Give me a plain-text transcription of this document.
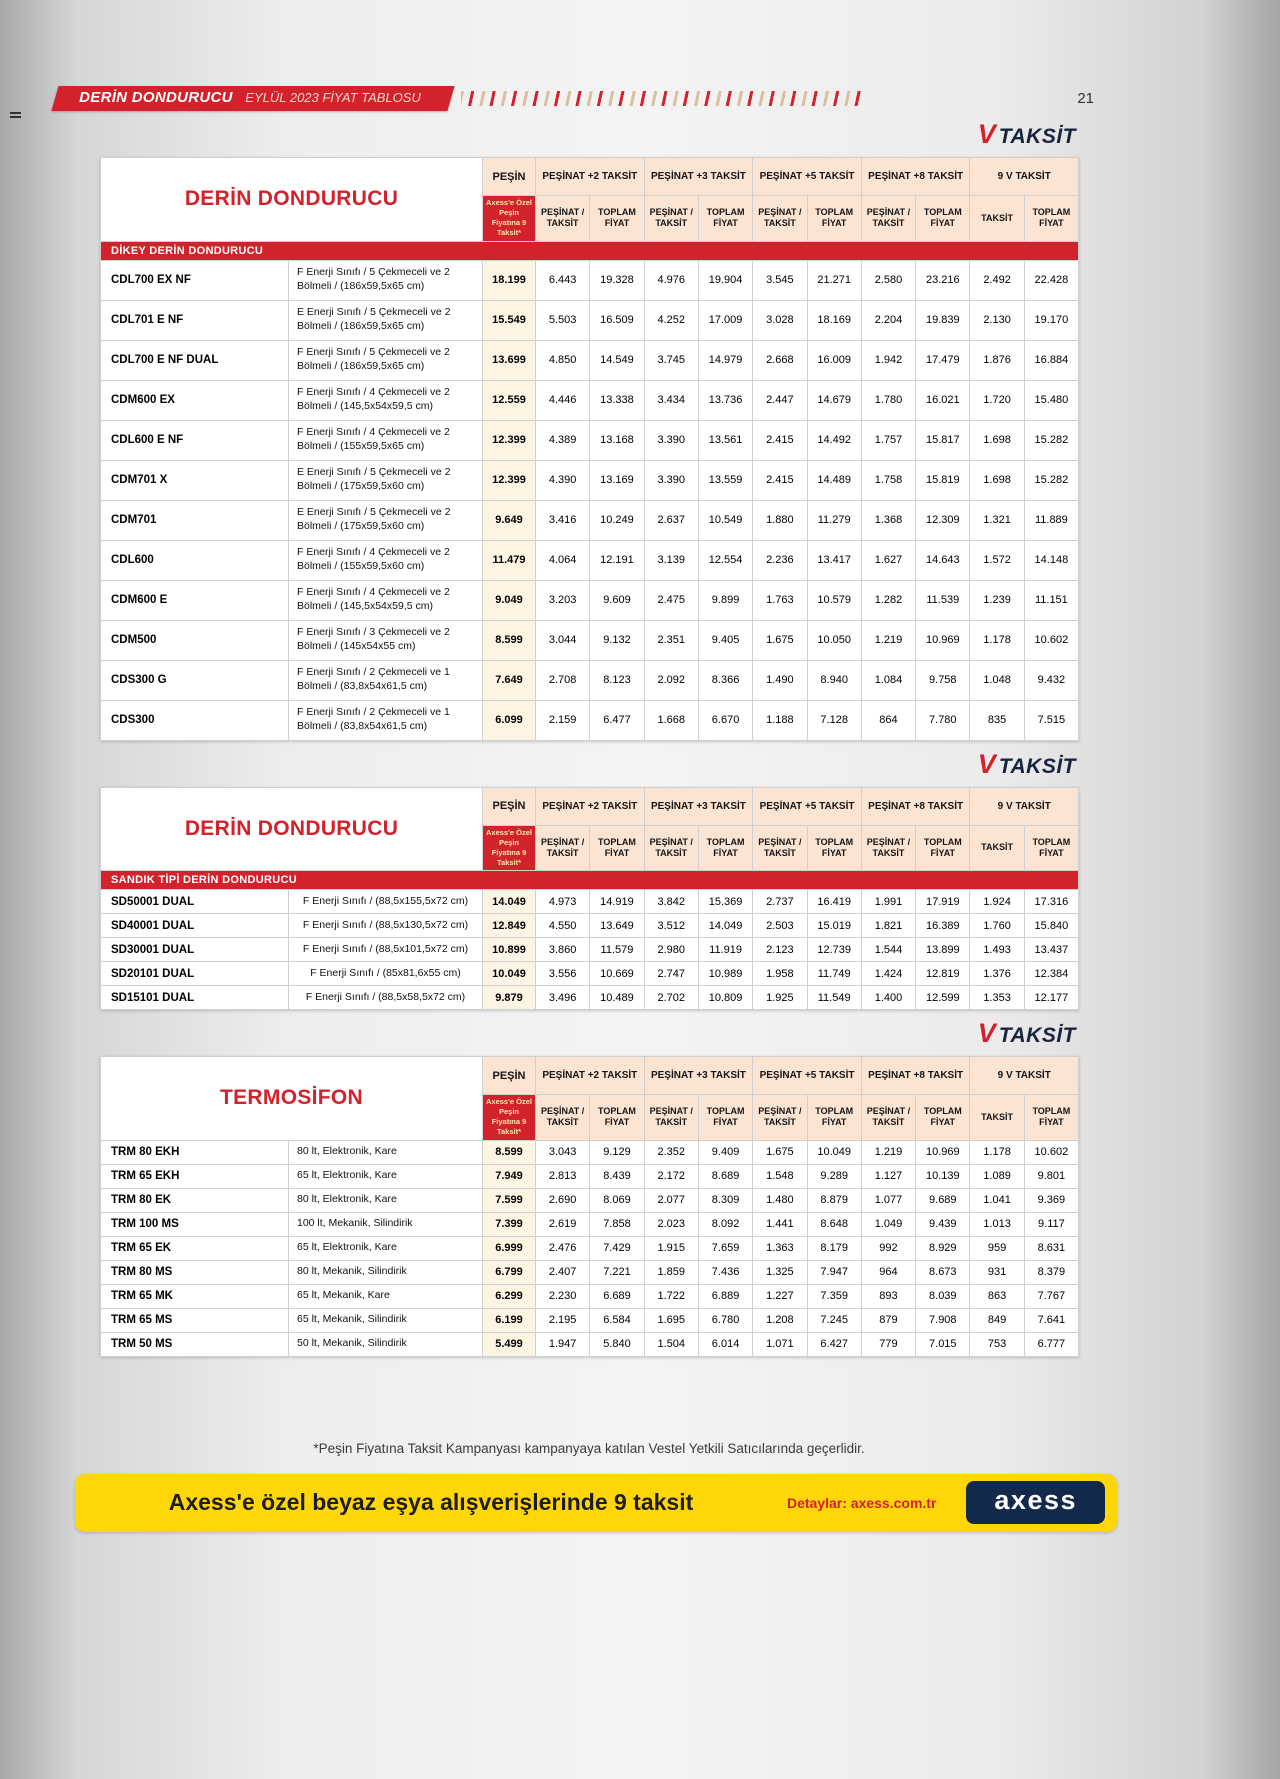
DERİN DONDURUCU EYLÜL 2023 FİYAT TABLOSU	21
V TAKSİT
DERİN DONDURUCU		PEŞİN	PEŞİNAT +2 TAKSİT		PEŞİNAT +3 TAKSİT		PEŞİNAT +5 TAKSİT		PEŞİNAT +8 TAKSİT		9 V TAKSİT	
		Axess'e Özel Peşin Fiyatına 9 Taksit*	PEŞİNAT / TAKSİT	TOPLAM FİYAT	PEŞİNAT / TAKSİT	TOPLAM FİYAT	PEŞİNAT / TAKSİT	TOPLAM FİYAT	PEŞİNAT / TAKSİT	TOPLAM FİYAT	TAKSİT	TOPLAM FİYAT
DİKEY DERİN DONDURUCU												
CDL700 EX NF	F Enerji Sınıfı / 5 Çekmeceli ve 2 Bölmeli / (186x59,5x65 cm)	18.199	6.443	19.328	4.976	19.904	3.545	21.271	2.580	23.216	2.492	22.428
CDL701 E NF	E Enerji Sınıfı / 5 Çekmeceli ve 2 Bölmeli / (186x59,5x65 cm)	15.549	5.503	16.509	4.252	17.009	3.028	18.169	2.204	19.839	2.130	19.170
CDL700 E NF DUAL	F Enerji Sınıfı / 5 Çekmeceli ve 2 Bölmeli / (186x59,5x65 cm)	13.699	4.850	14.549	3.745	14.979	2.668	16.009	1.942	17.479	1.876	16.884
CDM600 EX	F Enerji Sınıfı / 4 Çekmeceli ve 2 Bölmeli / (145,5x54x59,5 cm)	12.559	4.446	13.338	3.434	13.736	2.447	14.679	1.780	16.021	1.720	15.480
CDL600 E NF	F Enerji Sınıfı / 4 Çekmeceli ve 2 Bölmeli / (155x59,5x65 cm)	12.399	4.389	13.168	3.390	13.561	2.415	14.492	1.757	15.817	1.698	15.282
CDM701 X	E Enerji Sınıfı / 5 Çekmeceli ve 2 Bölmeli / (175x59,5x60 cm)	12.399	4.390	13.169	3.390	13.559	2.415	14.489	1.758	15.819	1.698	15.282
CDM701	E Enerji Sınıfı / 5 Çekmeceli ve 2 Bölmeli / (175x59,5x60 cm)	9.649	3.416	10.249	2.637	10.549	1.880	11.279	1.368	12.309	1.321	11.889
CDL600	F Enerji Sınıfı / 4 Çekmeceli ve 2 Bölmeli / (155x59,5x60 cm)	11.479	4.064	12.191	3.139	12.554	2.236	13.417	1.627	14.643	1.572	14.148
CDM600 E	F Enerji Sınıfı / 4 Çekmeceli ve 2 Bölmeli / (145,5x54x59,5 cm)	9.049	3.203	9.609	2.475	9.899	1.763	10.579	1.282	11.539	1.239	11.151
CDM500	F Enerji Sınıfı / 3 Çekmeceli ve 2 Bölmeli / (145x54x55 cm)	8.599	3.044	9.132	2.351	9.405	1.675	10.050	1.219	10.969	1.178	10.602
CDS300 G	F Enerji Sınıfı / 2 Çekmeceli ve 1 Bölmeli / (83,8x54x61,5 cm)	7.649	2.708	8.123	2.092	8.366	1.490	8.940	1.084	9.758	1.048	9.432
CDS300	F Enerji Sınıfı / 2 Çekmeceli ve 1 Bölmeli / (83,8x54x61,5 cm)	6.099	2.159	6.477	1.668	6.670	1.188	7.128	864	7.780	835	7.515
V TAKSİT
DERİN DONDURUCU		PEŞİN	PEŞİNAT +2 TAKSİT		PEŞİNAT +3 TAKSİT		PEŞİNAT +5 TAKSİT		PEŞİNAT +8 TAKSİT		9 V TAKSİT	
		Axess'e Özel Peşin Fiyatına 9 Taksit*	PEŞİNAT / TAKSİT	TOPLAM FİYAT	PEŞİNAT / TAKSİT	TOPLAM FİYAT	PEŞİNAT / TAKSİT	TOPLAM FİYAT	PEŞİNAT / TAKSİT	TOPLAM FİYAT	TAKSİT	TOPLAM FİYAT
SANDIK TİPİ DERİN DONDURUCU												
SD50001 DUAL	F Enerji Sınıfı / (88,5x155,5x72 cm)	14.049	4.973	14.919	3.842	15.369	2.737	16.419	1.991	17.919	1.924	17.316
SD40001 DUAL	F Enerji Sınıfı / (88,5x130,5x72 cm)	12.849	4.550	13.649	3.512	14.049	2.503	15.019	1.821	16.389	1.760	15.840
SD30001 DUAL	F Enerji Sınıfı / (88,5x101,5x72 cm)	10.899	3.860	11.579	2.980	11.919	2.123	12.739	1.544	13.899	1.493	13.437
SD20101 DUAL	F Enerji Sınıfı / (85x81,6x55 cm)	10.049	3.556	10.669	2.747	10.989	1.958	11.749	1.424	12.819	1.376	12.384
SD15101 DUAL	F Enerji Sınıfı / (88,5x58,5x72 cm)	9.879	3.496	10.489	2.702	10.809	1.925	11.549	1.400	12.599	1.353	12.177
V TAKSİT
TERMOSİFON		PEŞİN	PEŞİNAT +2 TAKSİT		PEŞİNAT +3 TAKSİT		PEŞİNAT +5 TAKSİT		PEŞİNAT +8 TAKSİT		9 V TAKSİT	
		Axess'e Özel Peşin Fiyatına 9 Taksit*	PEŞİNAT / TAKSİT	TOPLAM FİYAT	PEŞİNAT / TAKSİT	TOPLAM FİYAT	PEŞİNAT / TAKSİT	TOPLAM FİYAT	PEŞİNAT / TAKSİT	TOPLAM FİYAT	TAKSİT	TOPLAM FİYAT
TRM 80 EKH	80 lt, Elektronik, Kare	8.599	3.043	9.129	2.352	9.409	1.675	10.049	1.219	10.969	1.178	10.602
TRM 65 EKH	65 lt, Elektronik, Kare	7.949	2.813	8.439	2.172	8.689	1.548	9.289	1.127	10.139	1.089	9.801
TRM 80 EK	80 lt, Elektronik, Kare	7.599	2.690	8.069	2.077	8.309	1.480	8.879	1.077	9.689	1.041	9.369
TRM 100 MS	100 lt, Mekanik, Silindirik	7.399	2.619	7.858	2.023	8.092	1.441	8.648	1.049	9.439	1.013	9.117
TRM 65 EK	65 lt, Elektronik, Kare	6.999	2.476	7.429	1.915	7.659	1.363	8.179	992	8.929	959	8.631
TRM 80 MS	80 lt, Mekanik, Silindirik	6.799	2.407	7.221	1.859	7.436	1.325	7.947	964	8.673	931	8.379
TRM 65 MK	65 lt, Mekanik, Kare	6.299	2.230	6.689	1.722	6.889	1.227	7.359	893	8.039	863	7.767
TRM 65 MS	65 lt, Mekanik, Silindirik	6.199	2.195	6.584	1.695	6.780	1.208	7.245	879	7.908	849	7.641
TRM 50 MS	50 lt, Mekanik, Silindirik	5.499	1.947	5.840	1.504	6.014	1.071	6.427	779	7.015	753	6.777
*Peşin Fiyatına Taksit Kampanyası kampanyaya katılan Vestel Yetkili Satıcılarında geçerlidir.
Axess'e özel beyaz eşya alışverişlerinde 9 taksit	Detaylar: axess.com.tr	axess
